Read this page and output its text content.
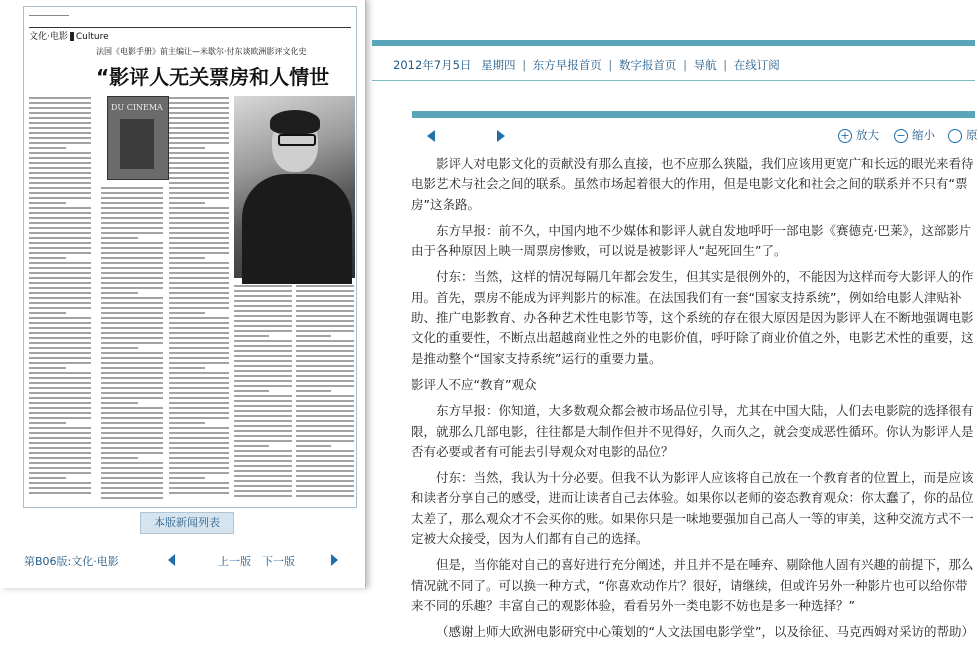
文化·电影 Culture
法国《电影手册》前主编让—米歇尔·付东谈欧洲影评文化史
“影评人无关票房和人情世
DU CINEMA
本版新闻列表
第B06版:文化·电影	上一版 下一版
2012年7月5日 星期四 | 东方早报首页 | 数字报首页 | 导航 | 在线订阅
+ 放大 − 缩小	原

影评人对电影文化的贡献没有那么直接，也不应那么狭隘，我们应该用更宽广和长远的眼光来看待电影艺术与社会之间的联系。虽然市场起着很大的作用，但是电影文化和社会之间的联系并不只有“票房”这条路。

东方早报：前不久，中国内地不少媒体和影评人就自发地呼吁一部电影《赛德克·巴莱》，这部影片由于各种原因上映一周票房惨败，可以说是被影评人“起死回生”了。

付东：当然，这样的情况每隔几年都会发生，但其实是很例外的，不能因为这样而夸大影评人的作用。首先，票房不能成为评判影片的标准。在法国我们有一套“国家支持系统”，例如给电影人津贴补助、推广电影教育、办各种艺术性电影节等，这个系统的存在很大原因是因为影评人在不断地强调电影文化的重要性，不断点出超越商业性之外的电影价值，呼吁除了商业价值之外，电影艺术性的重要，这是推动整个“国家支持系统”运行的重要力量。

影评人不应“教育”观众

东方早报：你知道，大多数观众都会被市场品位引导，尤其在中国大陆，人们去电影院的选择很有限，就那么几部电影，往往都是大制作但并不见得好，久而久之，就会变成恶性循环。你认为影评人是否有必要或者有可能去引导观众对电影的品位？

付东：当然，我认为十分必要。但我不认为影评人应该将自己放在一个教育者的位置上，而是应该和读者分享自己的感受，进而让读者自己去体验。如果你以老师的姿态教育观众：你太蠢了，你的品位太差了，那么观众才不会买你的账。如果你只是一味地要强加自己高人一等的审美，这种交流方式不一定被大众接受，因为人们都有自己的选择。

但是，当你能对自己的喜好进行充分阐述，并且并不是在唾弃、剔除他人固有兴趣的前提下，那么情况就不同了。可以换一种方式，“你喜欢动作片？很好，请继续，但或许另外一种影片也可以给你带来不同的乐趣？丰富自己的观影体验，看看另外一类电影不妨也是多一种选择？”

（感谢上师大欧洲电影研究中心策划的“人文法国电影学堂”，以及徐征、马克西姆对采访的帮助）
